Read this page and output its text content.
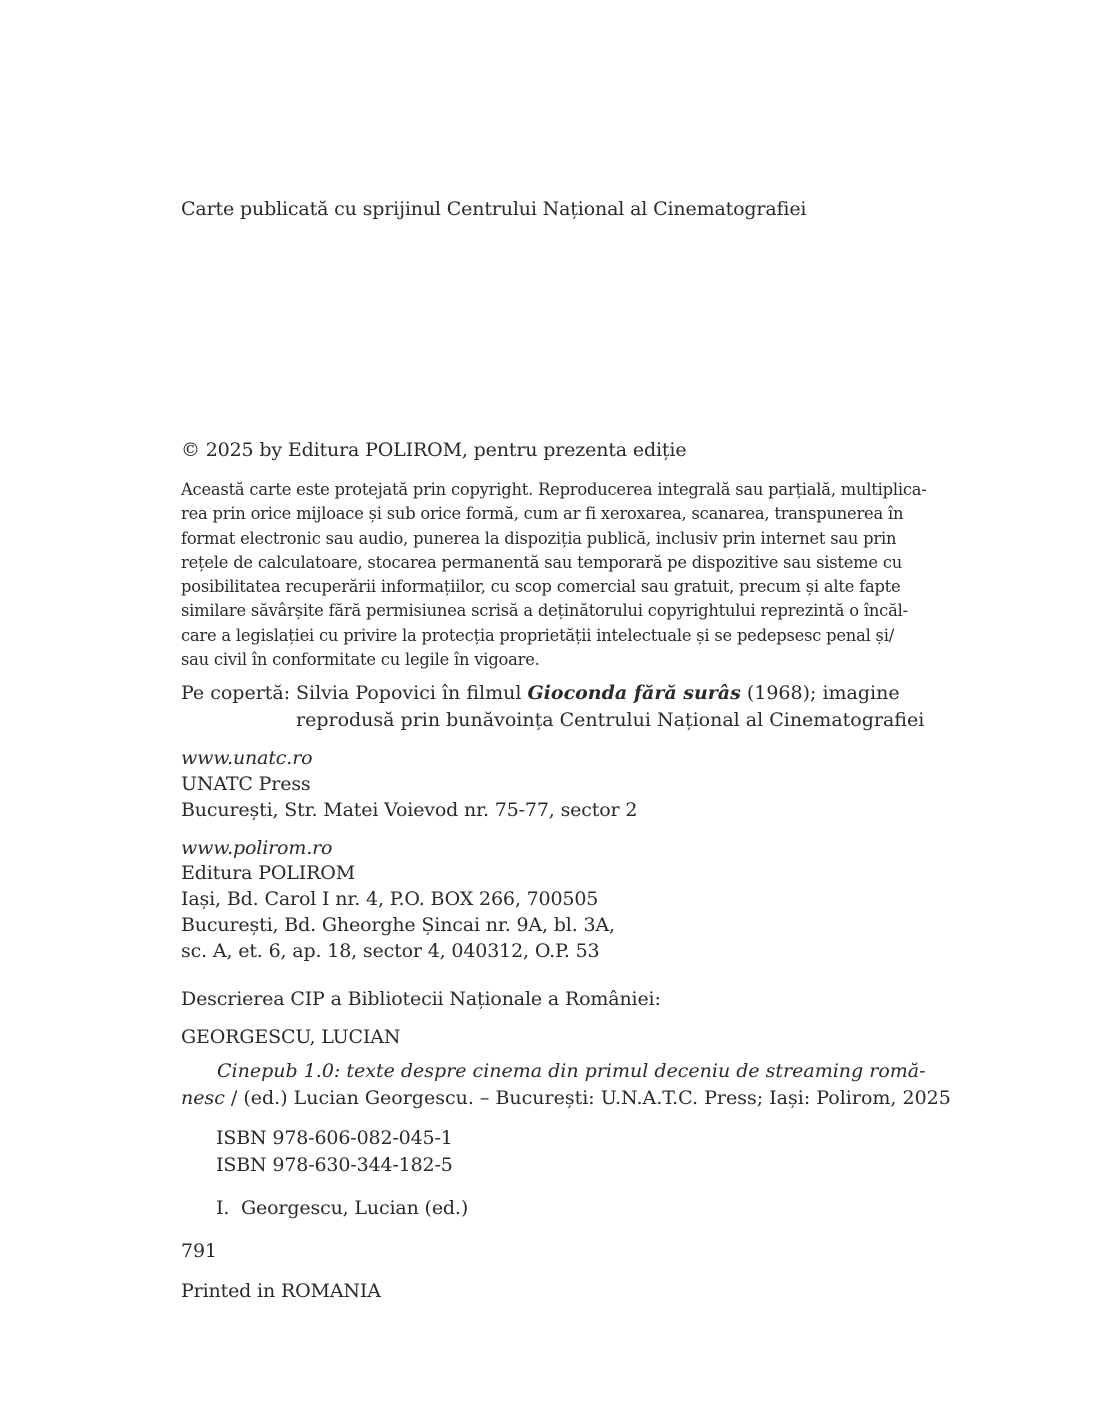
Carte publicată cu sprijinul Centrului Național al Cinematografiei
© 2025 by Editura POLIROM, pentru prezenta ediție
Această carte este protejată prin copyright. Reproducerea integrală sau parțială, multiplica-
rea prin orice mijloace și sub orice formă, cum ar fi xeroxarea, scanarea, transpunerea în
format electronic sau audio, punerea la dispoziția publică, inclusiv prin internet sau prin
rețele de calculatoare, stocarea permanentă sau temporară pe dispozitive sau sisteme cu
posibilitatea recuperării informațiilor, cu scop comercial sau gratuit, precum și alte fapte
similare săvârșite fără permisiunea scrisă a deținătorului copyrightului reprezintă o încăl-
care a legislației cu privire la protecția proprietății intelectuale și se pedepsesc penal și/
sau civil în conformitate cu legile în vigoare.
Pe copertă: Silvia Popovici în filmul Gioconda fără surâs (1968); imagine
reprodusă prin bunăvoința Centrului Național al Cinematografiei
www.unatc.ro
UNATC Press
București, Str. Matei Voievod nr. 75-77, sector 2
www.polirom.ro
Editura POLIROM
Iași, Bd. Carol I nr. 4, P.O. BOX 266, 700505
București, Bd. Gheorghe Șincai nr. 9A, bl. 3A,
sc. A, et. 6, ap. 18, sector 4, 040312, O.P. 53
Descrierea CIP a Bibliotecii Naționale a României:
GEORGESCU, LUCIAN
Cinepub 1.0: texte despre cinema din primul deceniu de streaming romă-
nesc / (ed.) Lucian Georgescu. – București: U.N.A.T.C. Press; Iași: Polirom, 2025
ISBN 978-606-082-045-1
ISBN 978-630-344-182-5
I.  Georgescu, Lucian (ed.)
791
Printed in ROMANIA
